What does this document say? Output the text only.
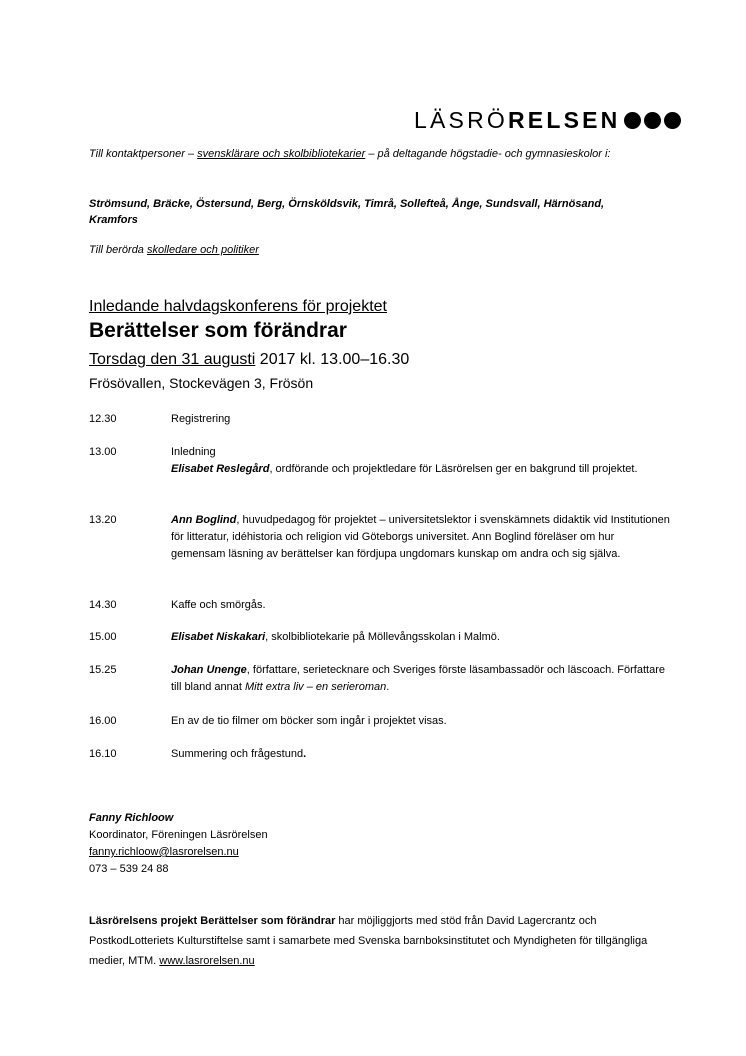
LÄSRÖ RELSEN
Till kontaktpersoner – svensklärare och skolbibliotekarier – på deltagande högstadie- och gymnasieskolor i:
Strömsund, Bräcke, Östersund, Berg, Örnsköldsvik, Timrå, Sollefteå, Ånge, Sundsvall, Härnösand, Kramfors
Till berörda skolledare och politiker
Inledande halvdagskonferens för projektet
Berättelser som förändrar
Torsdag den 31 augusti 2017 kl. 13.00–16.30
Frösövallen, Stockevägen 3, Frösön
12.30	Registrering
13.00	Inledning
Elisabet Reslegård, ordförande och projektledare för Läsrörelsen ger en bakgrund till projektet.
13.20	Ann Boglind, huvudpedagog för projektet – universitetslektor i svenskämnets didaktik vid Institutionen för litteratur, idéhistoria och religion vid Göteborgs universitet. Ann Boglind föreläser om hur gemensam läsning av berättelser kan fördjupa ungdomars kunskap om andra och sig själva.
14.30	Kaffe och smörgås.
15.00	Elisabet Niskakari, skolbibliotekarie på Möllevångsskolan i Malmö.
15.25	Johan Unenge, författare, serietecknare och Sveriges förste läsambassadör och läscoach. Författare till bland annat Mitt extra liv – en serieroman.
16.00	En av de tio filmer om böcker som ingår i projektet visas.
16.10	Summering och frågestund.
Fanny Richloow
Koordinator, Föreningen Läsrörelsen
fanny.richloow@lasrorelsen.nu
073 – 539 24 88
Läsrörelsens projekt Berättelser som förändrar har möjliggjorts med stöd från David Lagercrantz och PostkodLotteriets Kulturstiftelse samt i samarbete med Svenska barnboksinstitutet och Myndigheten för tillgängliga medier, MTM. www.lasrorelsen.nu
